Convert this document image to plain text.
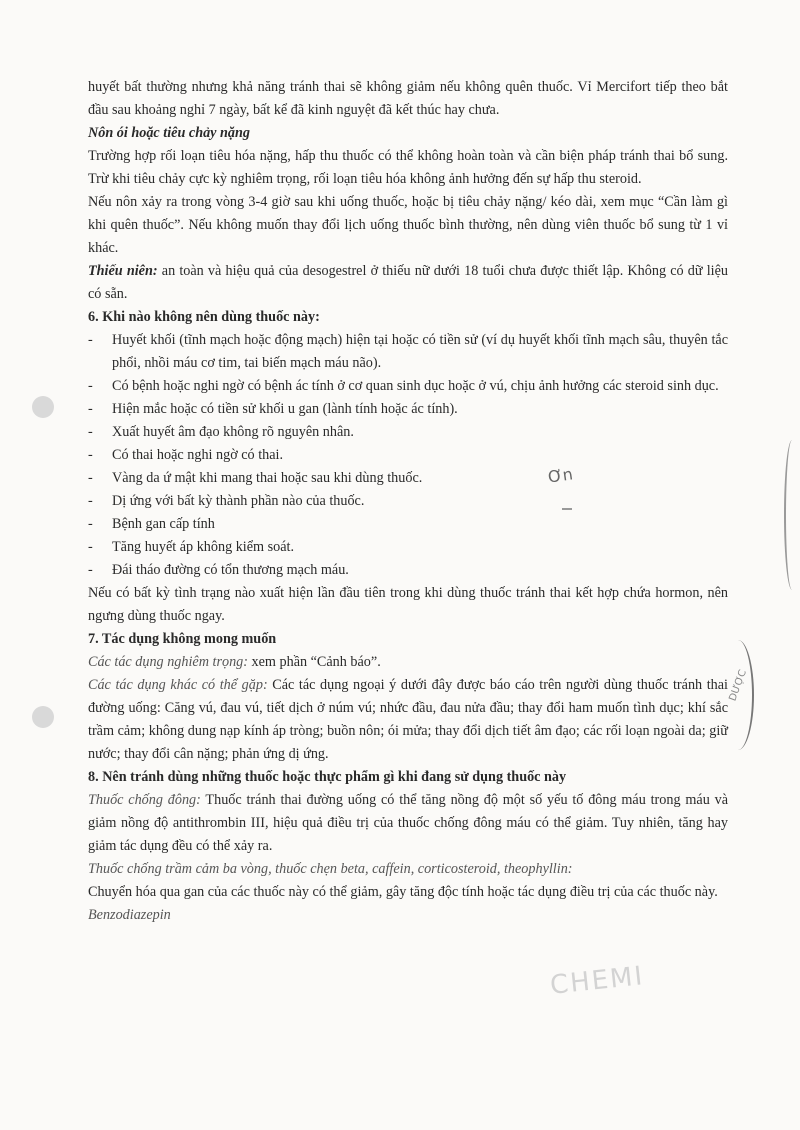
Ơn
DƯỢC
CHEMI

huyết bất thường nhưng khả năng tránh thai sẽ không giảm nếu không quên thuốc. Vỉ Mercifort tiếp theo bắt đầu sau khoảng nghỉ 7 ngày, bất kể đã kinh nguyệt đã kết thúc hay chưa.

Nôn ói hoặc tiêu chảy nặng

Trường hợp rối loạn tiêu hóa nặng, hấp thu thuốc có thể không hoàn toàn và cần biện pháp tránh thai bổ sung. Trừ khi tiêu chảy cực kỳ nghiêm trọng, rối loạn tiêu hóa không ảnh hưởng đến sự hấp thu steroid.

Nếu nôn xảy ra trong vòng 3-4 giờ sau khi uống thuốc, hoặc bị tiêu chảy nặng/ kéo dài, xem mục “Cần làm gì khi quên thuốc”. Nếu không muốn thay đổi lịch uống thuốc bình thường, nên dùng viên thuốc bổ sung từ 1 vỉ khác.

Thiếu niên: an toàn và hiệu quả của desogestrel ở thiếu nữ dưới 18 tuổi chưa được thiết lập. Không có dữ liệu có sẵn.

6. Khi nào không nên dùng thuốc này:

- Huyết khối (tĩnh mạch hoặc động mạch) hiện tại hoặc có tiền sử (ví dụ huyết khối tĩnh mạch sâu, thuyên tắc phổi, nhồi máu cơ tim, tai biến mạch máu não).

- Có bệnh hoặc nghi ngờ có bệnh ác tính ở cơ quan sinh dục hoặc ở vú, chịu ảnh hưởng các steroid sinh dục.

- Hiện mắc hoặc có tiền sử khối u gan (lành tính hoặc ác tính).

- Xuất huyết âm đạo không rõ nguyên nhân.

- Có thai hoặc nghi ngờ có thai.

- Vàng da ứ mật khi mang thai hoặc sau khi dùng thuốc.

- Dị ứng với bất kỳ thành phần nào của thuốc.

- Bệnh gan cấp tính

- Tăng huyết áp không kiểm soát.

- Đái tháo đường có tổn thương mạch máu.

Nếu có bất kỳ tình trạng nào xuất hiện lần đầu tiên trong khi dùng thuốc tránh thai kết hợp chứa hormon, nên ngưng dùng thuốc ngay.

7. Tác dụng không mong muốn

Các tác dụng nghiêm trọng: xem phần “Cảnh báo”.

Các tác dụng khác có thể gặp: Các tác dụng ngoại ý dưới đây được báo cáo trên người dùng thuốc tránh thai đường uống: Căng vú, đau vú, tiết dịch ở núm vú; nhức đầu, đau nửa đầu; thay đổi ham muốn tình dục; khí sắc trầm cảm; không dung nạp kính áp tròng; buồn nôn; ói mửa; thay đổi dịch tiết âm đạo; các rối loạn ngoài da; giữ nước; thay đổi cân nặng; phản ứng dị ứng.

8. Nên tránh dùng những thuốc hoặc thực phẩm gì khi đang sử dụng thuốc này

Thuốc chống đông: Thuốc tránh thai đường uống có thể tăng nồng độ một số yếu tố đông máu trong máu và giảm nồng độ antithrombin III, hiệu quả điều trị của thuốc chống đông máu có thể giảm. Tuy nhiên, tăng hay giảm tác dụng đều có thể xảy ra.

Thuốc chống trầm cảm ba vòng, thuốc chẹn beta, caffein, corticosteroid, theophyllin:

Chuyển hóa qua gan của các thuốc này có thể giảm, gây tăng độc tính hoặc tác dụng điều trị của các thuốc này.

Benzodiazepin
